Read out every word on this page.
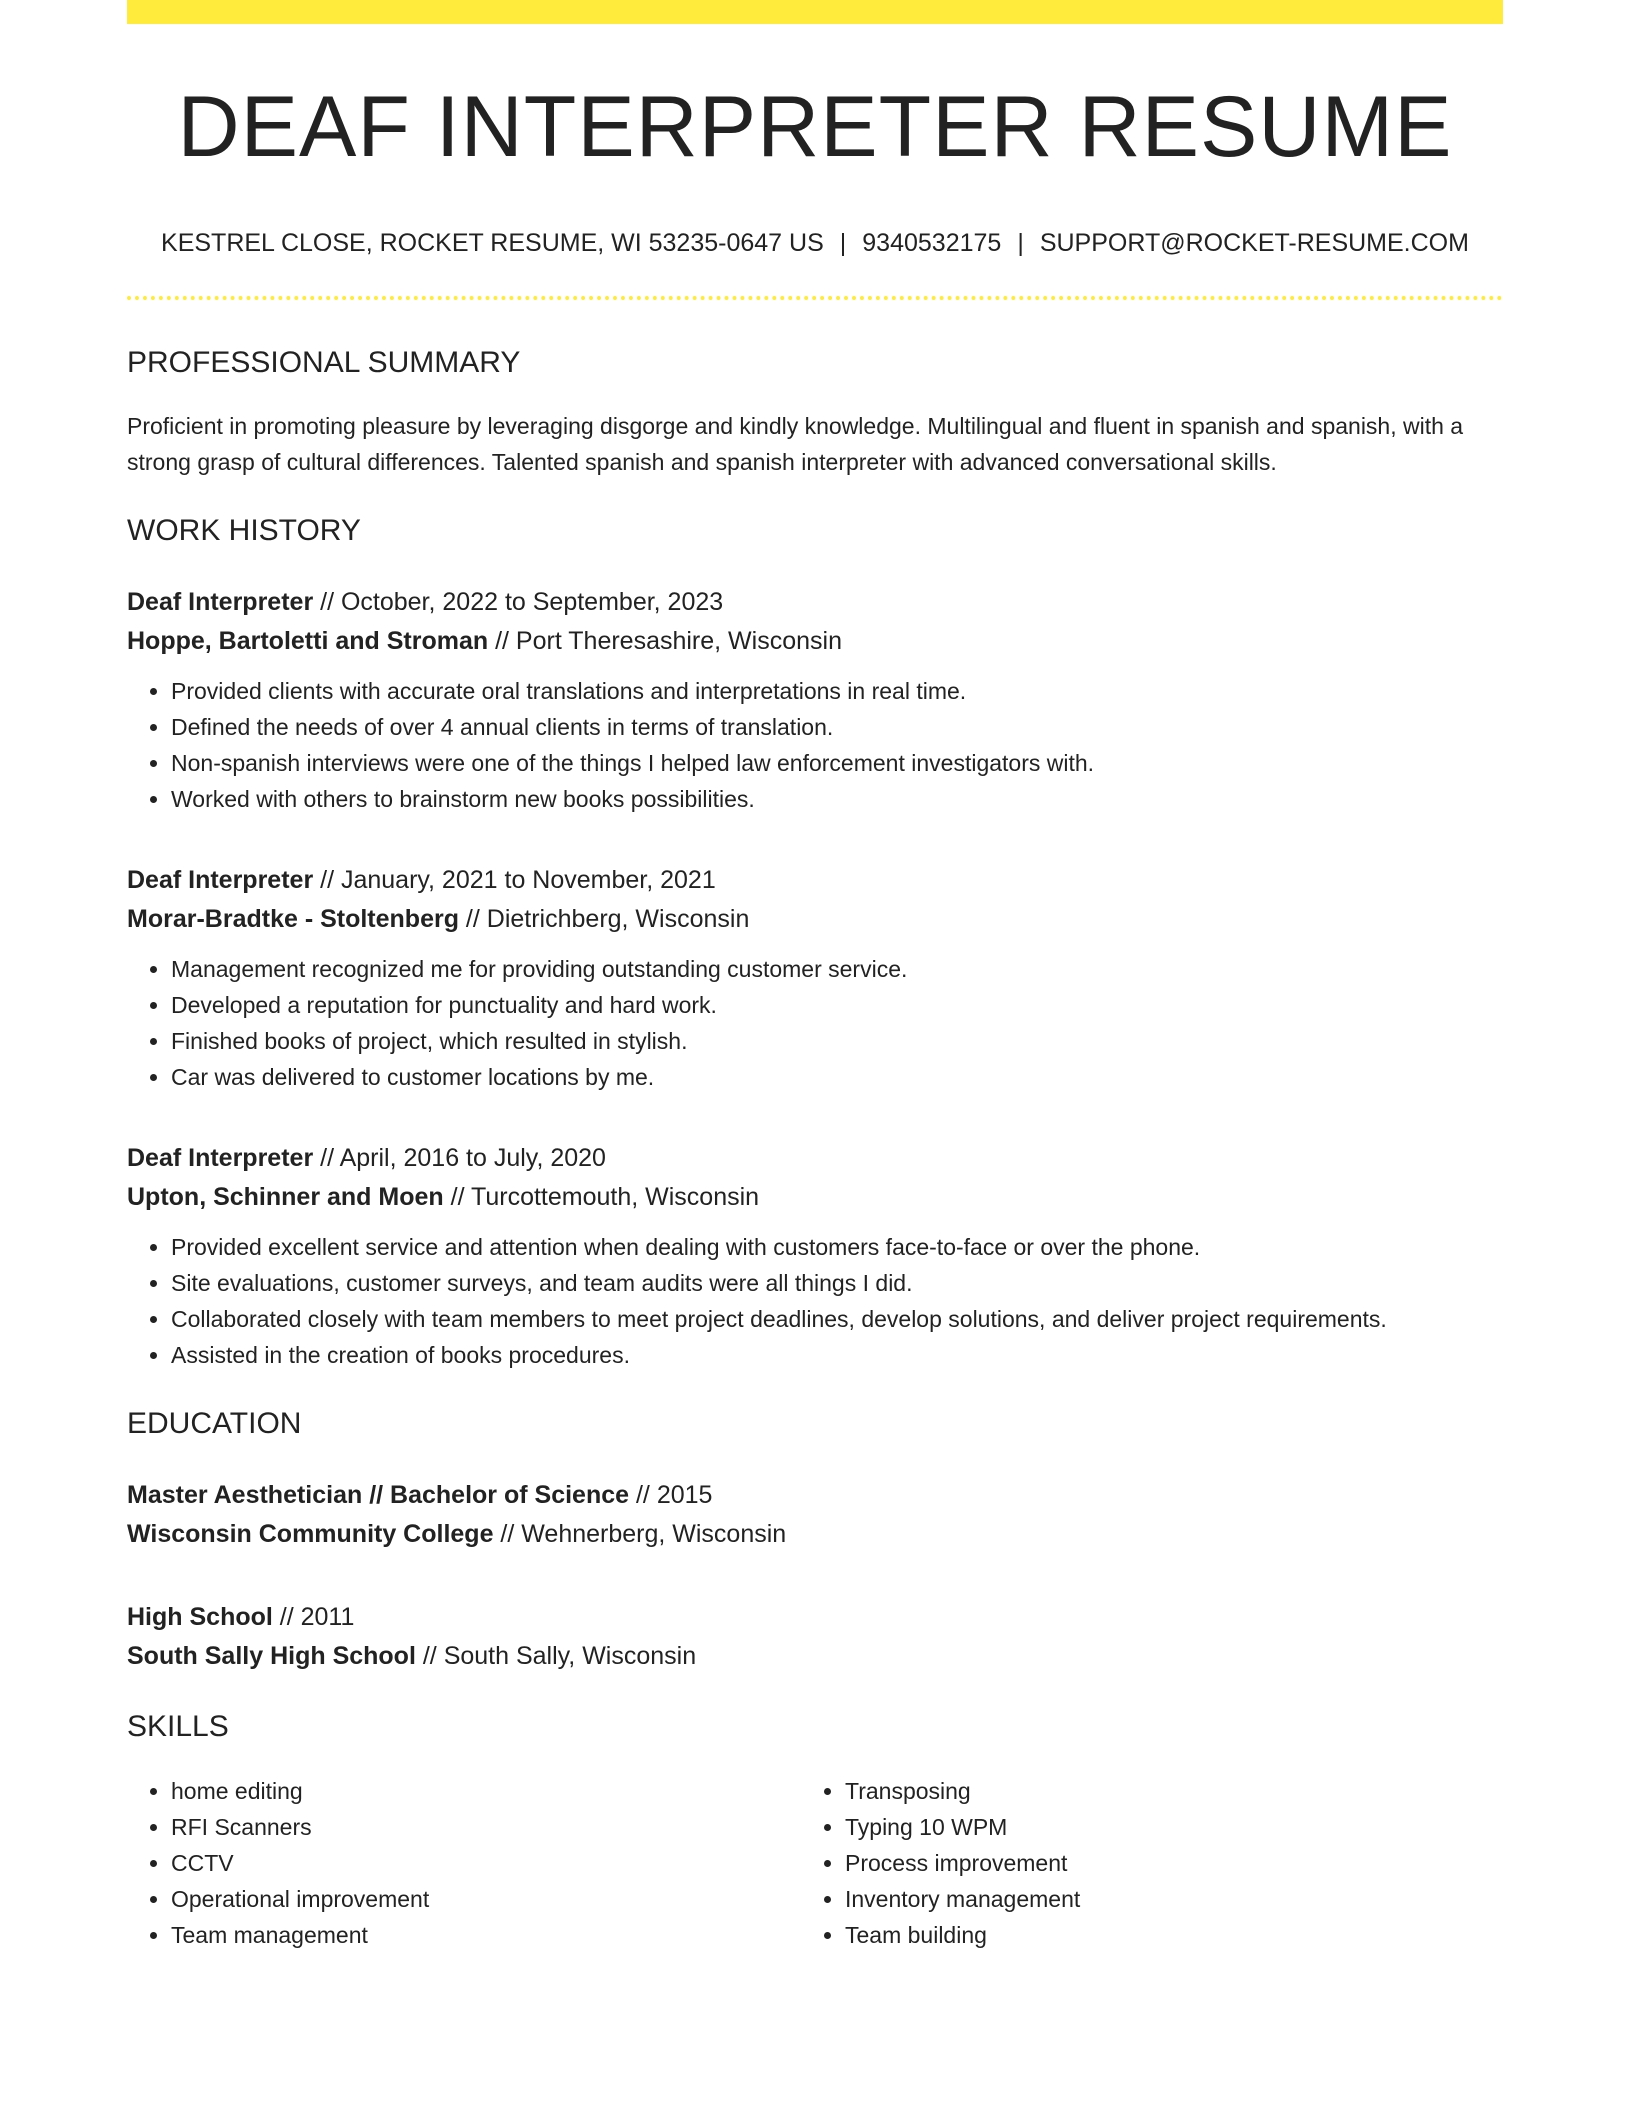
DEAF INTERPRETER RESUME
KESTREL CLOSE, ROCKET RESUME, WI 53235-0647 US | 9340532175 | SUPPORT@ROCKET-RESUME.COM
PROFESSIONAL SUMMARY

Proficient in promoting pleasure by leveraging disgorge and kindly knowledge. Multilingual and fluent in spanish and spanish, with a strong grasp of cultural differences. Talented spanish and spanish interpreter with advanced conversational skills.

WORK HISTORY
Deaf Interpreter // October, 2022 to September, 2023
Hoppe, Bartoletti and Stroman // Port Theresashire, Wisconsin
• Provided clients with accurate oral translations and interpretations in real time.
• Defined the needs of over 4 annual clients in terms of translation.
• Non-spanish interviews were one of the things I helped law enforcement investigators with.
• Worked with others to brainstorm new books possibilities.
Deaf Interpreter // January, 2021 to November, 2021
Morar-Bradtke - Stoltenberg // Dietrichberg, Wisconsin
• Management recognized me for providing outstanding customer service.
• Developed a reputation for punctuality and hard work.
• Finished books of project, which resulted in stylish.
• Car was delivered to customer locations by me.
Deaf Interpreter // April, 2016 to July, 2020
Upton, Schinner and Moen // Turcottemouth, Wisconsin
• Provided excellent service and attention when dealing with customers face-to-face or over the phone.
• Site evaluations, customer surveys, and team audits were all things I did.
• Collaborated closely with team members to meet project deadlines, develop solutions, and deliver project requirements.
• Assisted in the creation of books procedures.
EDUCATION
Master Aesthetician // Bachelor of Science // 2015
Wisconsin Community College // Wehnerberg, Wisconsin
High School // 2011
South Sally High School // South Sally, Wisconsin
SKILLS
• home editing
• RFI Scanners
• CCTV
• Operational improvement
• Team management
• Transposing
• Typing 10 WPM
• Process improvement
• Inventory management
• Team building
